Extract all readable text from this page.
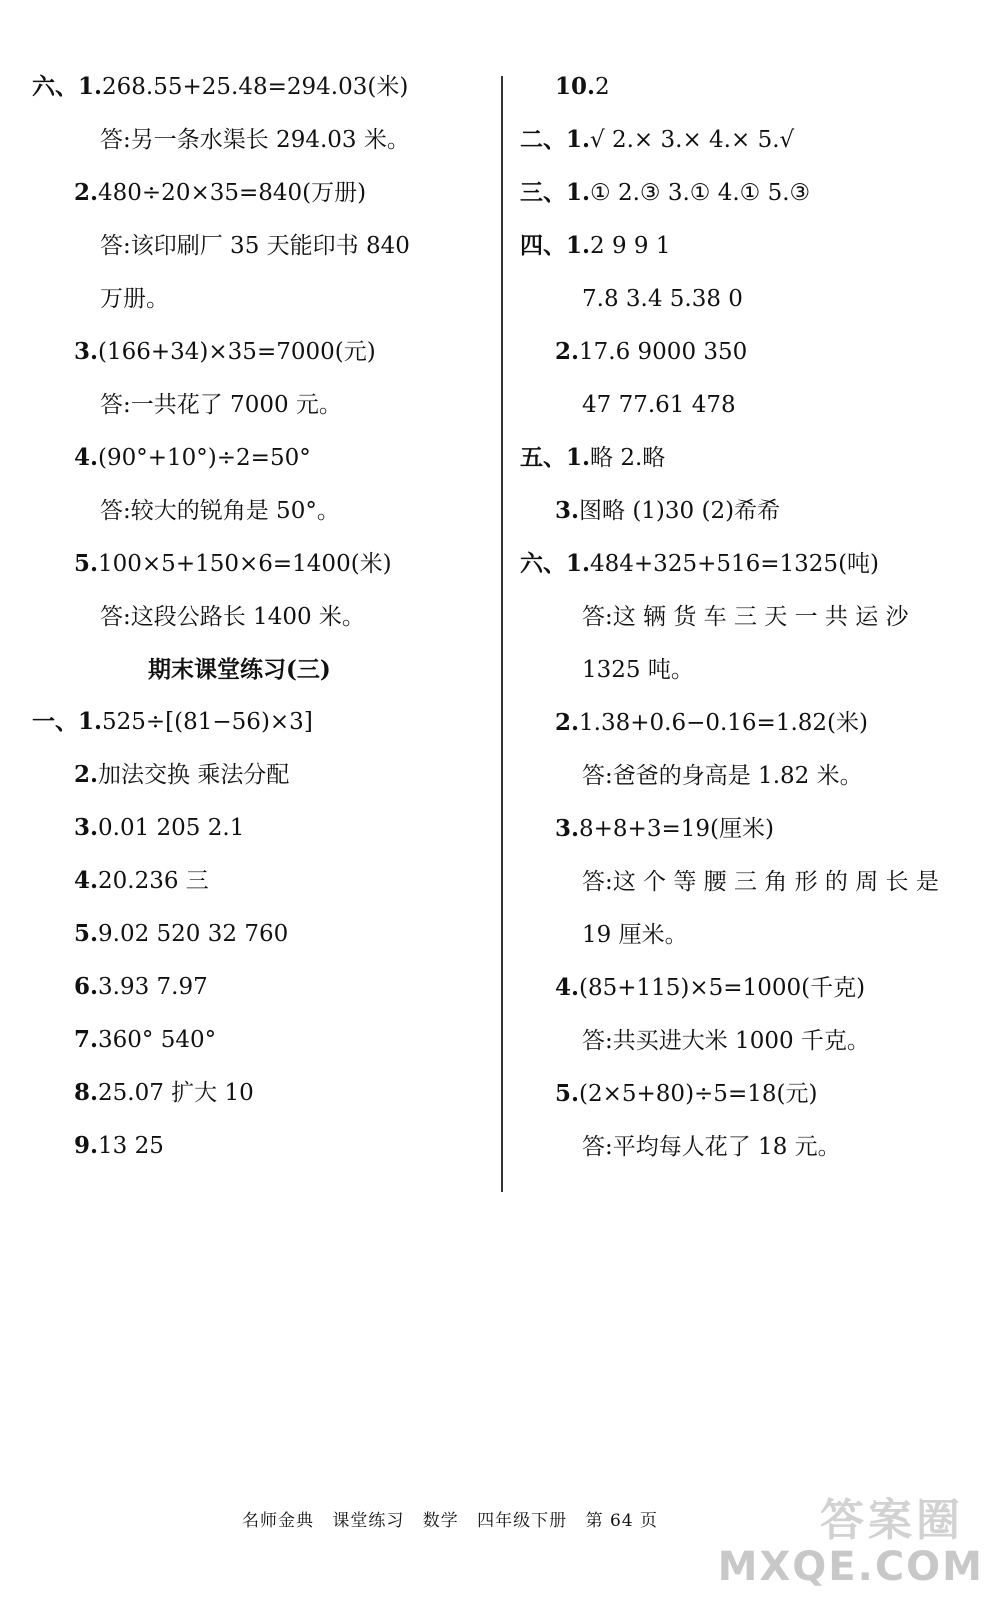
六、1.268.55+25.48=294.03(米)
答:另一条水渠长 294.03 米。
2.480÷20×35=840(万册)
答:该印刷厂 35 天能印书 840
万册。
3.(166+34)×35=7000(元)
答:一共花了 7000 元。
4.(90°+10°)÷2=50°
答:较大的锐角是 50°。
5.100×5+150×6=1400(米)
答:这段公路长 1400 米。
期末课堂练习(三)
一、1.525÷[(81−56)×3]
2.加法交换 乘法分配
3.0.01 205 2.1
4.20.236 三
5.9.02 520 32 760
6.3.93 7.97
7.360° 540°
8.25.07 扩大 10
9.13 25
10.2
二、1.√ 2.× 3.× 4.× 5.√
三、1.① 2.③ 3.① 4.① 5.③
四、1.2 9 9 1
7.8 3.4 5.38 0
2.17.6 9000 350
47 77.61 478
五、1.略 2.略
3.图略 (1)30 (2)希希
六、1.484+325+516=1325(吨)
答:这 辆 货 车 三 天 一 共 运 沙
1325 吨。
2.1.38+0.6−0.16=1.82(米)
答:爸爸的身高是 1.82 米。
3.8+8+3=19(厘米)
答:这 个 等 腰 三 角 形 的 周 长 是
19 厘米。
4.(85+115)×5=1000(千克)
答:共买进大米 1000 千克。
5.(2×5+80)÷5=18(元)
答:平均每人花了 18 元。
名师金典 课堂练习 数学 四年级下册 第 64 页	答案圈
MXQE.COM
